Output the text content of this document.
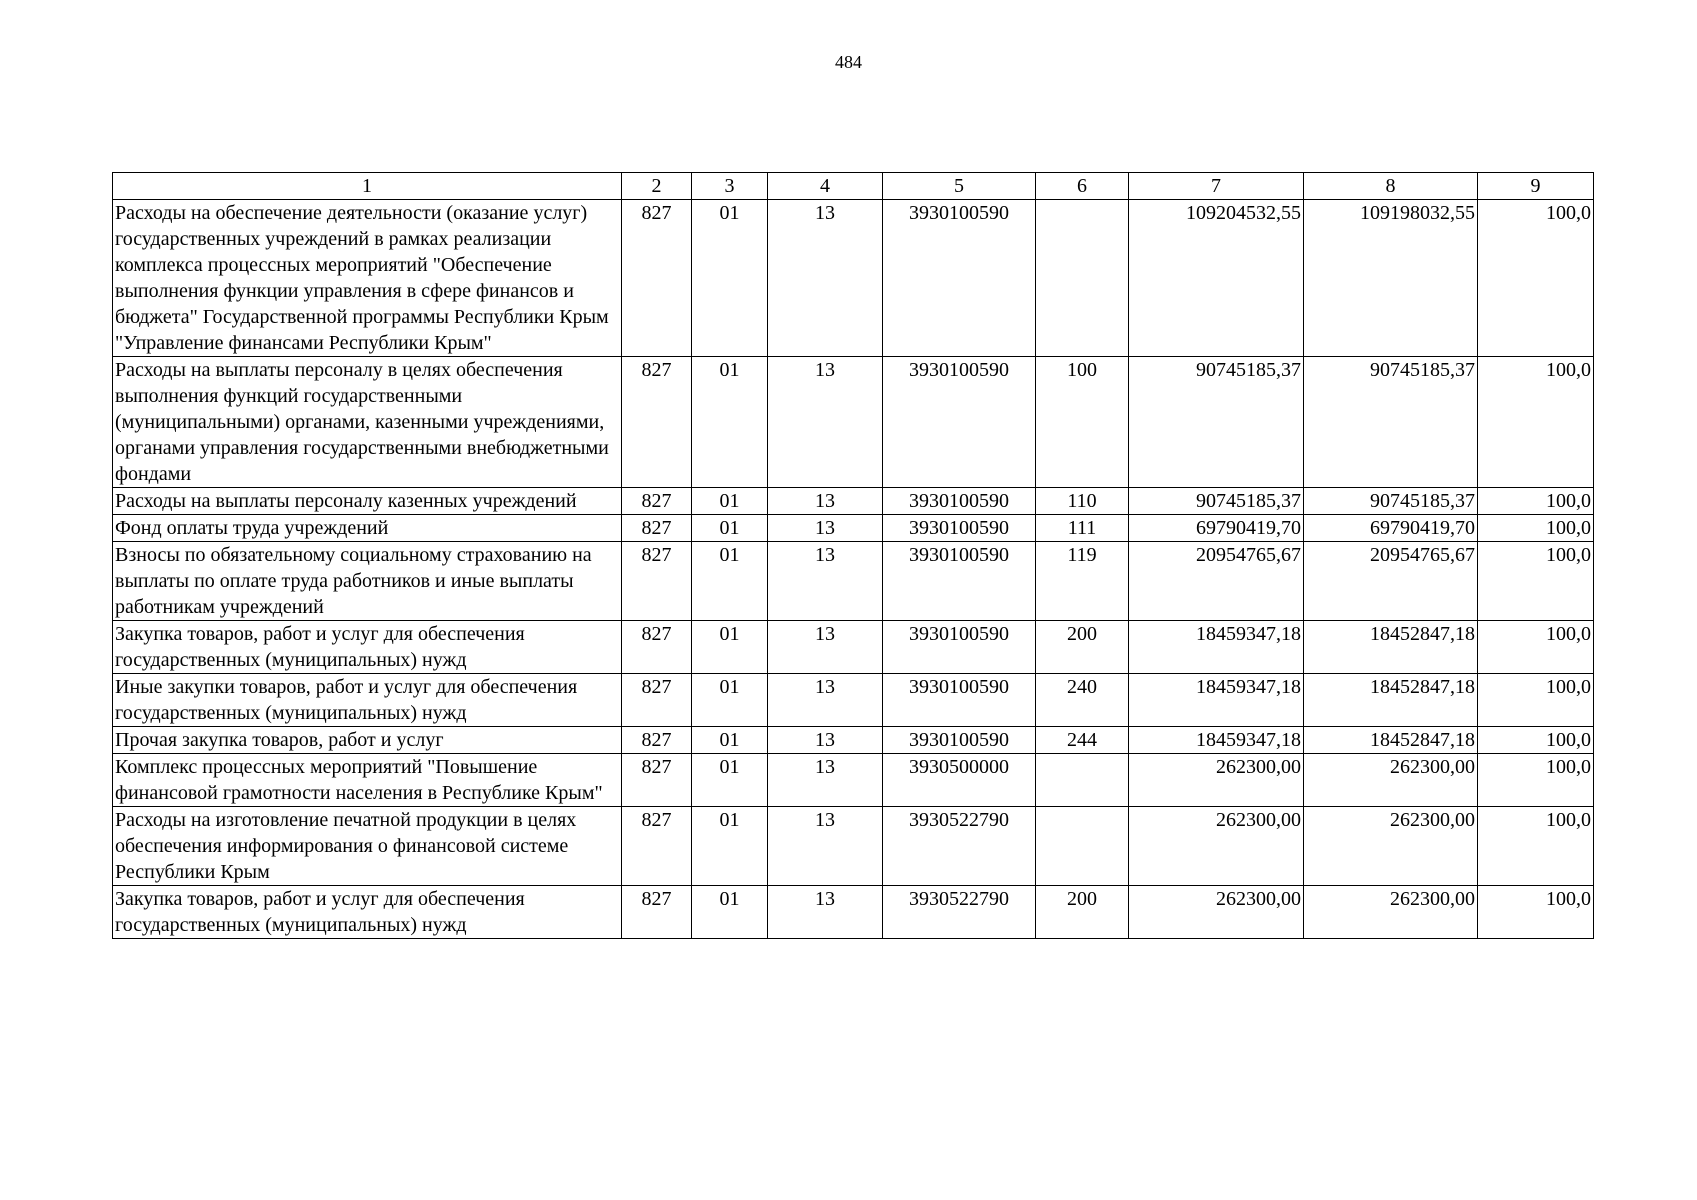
484
1	2	3	4	5	6	7	8	9
Расходы на обеспечение деятельности (оказание услуг) государственных учреждений в рамках реализации комплекса процессных мероприятий "Обеспечение выполнения функции управления в сфере финансов и бюджета" Государственной программы Республики Крым "Управление финансами Республики Крым"	827	01	13	3930100590		109204532,55	109198032,55	100,0
Расходы на выплаты персоналу в целях обеспечения выполнения функций государственными (муниципальными) органами, казенными учреждениями, органами управления государственными внебюджетными фондами	827	01	13	3930100590	100	90745185,37	90745185,37	100,0
Расходы на выплаты персоналу казенных учреждений	827	01	13	3930100590	110	90745185,37	90745185,37	100,0
Фонд оплаты труда учреждений	827	01	13	3930100590	111	69790419,70	69790419,70	100,0
Взносы по обязательному социальному страхованию на выплаты по оплате труда работников и иные выплаты работникам учреждений	827	01	13	3930100590	119	20954765,67	20954765,67	100,0
Закупка товаров, работ и услуг для обеспечения государственных (муниципальных) нужд	827	01	13	3930100590	200	18459347,18	18452847,18	100,0
Иные закупки товаров, работ и услуг для обеспечения государственных (муниципальных) нужд	827	01	13	3930100590	240	18459347,18	18452847,18	100,0
Прочая закупка товаров, работ и услуг	827	01	13	3930100590	244	18459347,18	18452847,18	100,0
Комплекс процессных мероприятий "Повышение финансовой грамотности населения в Республике Крым"	827	01	13	3930500000		262300,00	262300,00	100,0
Расходы на изготовление печатной продукции в целях обеспечения информирования о финансовой системе Республики Крым	827	01	13	3930522790		262300,00	262300,00	100,0
Закупка товаров, работ и услуг для обеспечения государственных (муниципальных) нужд	827	01	13	3930522790	200	262300,00	262300,00	100,0
